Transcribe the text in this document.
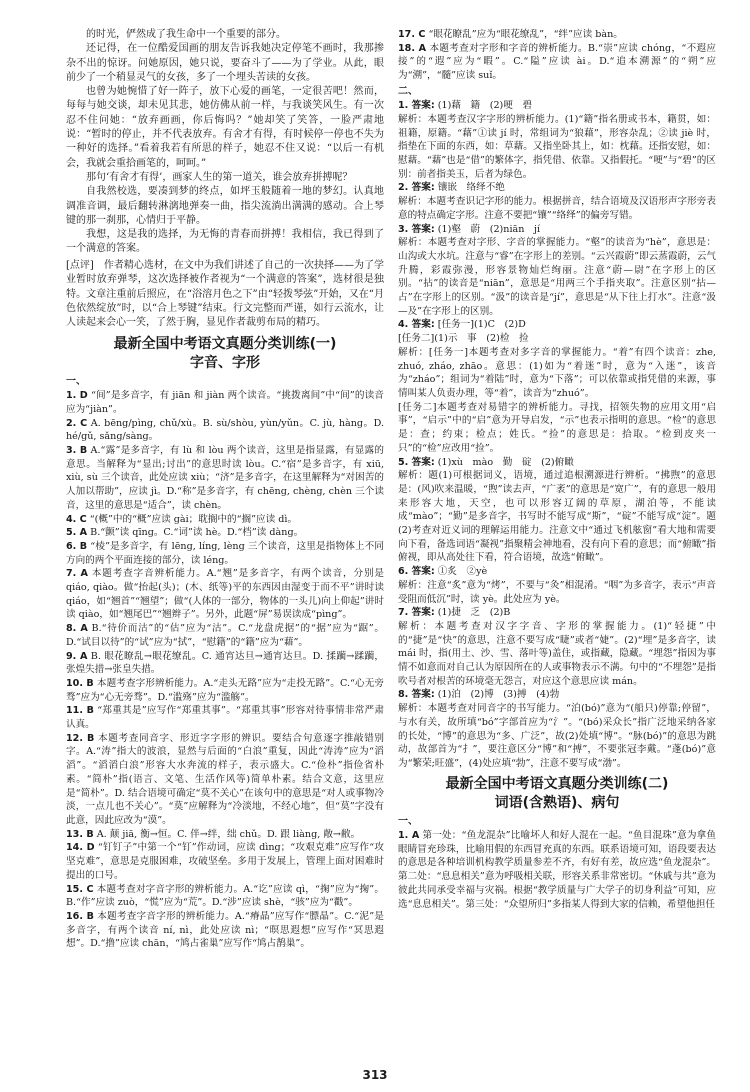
的时光，俨然成了我生命中一个重要的部分。

还记得，在一位酷爱国画的朋友告诉我她决定停笔不画时，我那掺杂不出的惊讶。问她原因，她只说，要奋斗了——为了学业。从此，眼前少了一个稍显灵气的女孩，多了一个埋头苦读的女孩。

也曾为她惋惜了好一阵子，放下心爱的画笔，一定很苦吧！然而，每每与她交谈，却未见其悲，她仿佛从前一样，与我谈笑风生。有一次忍不住问她：“放弃画画，你后悔吗？”她却笑了笑答，一脸严肃地说：“暂时的停止，并不代表放弃。有舍才有得，有时候停一停也不失为一种好的选择。”看着我若有所思的样子，她忍不住又说：“以后一有机会，我就会重拾画笔的，呵呵。”

那句‘有舍才有得’，画家人生的第一道关，谁会放弃拼搏呢？

自我然校选，要凑到梦的终点，如坪玉般随着一地的梦幻。认真地调准音调，最后翻转淋漓地弹奏一曲，指尖流淌出满满的感动。合上琴键的那一刹那，心情归于平静。

我想，这是我的选择，为无悔的青春而拼搏！我相信，我已得到了一个满意的答案。

[点评]　作者精心选材，在文中为我们讲述了自己的一次抉择——为了学业暂时放弃弹琴，这次选择被作者视为“一个满意的答案”，选材很是独特。文章注重前后照应，在“浴溶月色之下”由“轻拨琴弦”开始，又在“月色依然绽放”时，以“合上琴键”结束。行文完整而严谨，如行云流水，让人读起来会心一笑，了然于胸，显见作者裁剪布局的精巧。

最新全国中考语文真题分类训练(一)
字音、字形
一、

1. D “间”是多音字，有 jiān 和 jiàn 两个读音。“挑拨离间”中“间”的读音应为“jiàn”。

2. C A. bēng/pìng, chǔ/xù。B. sù/shòu, yùn/yǔn。C. jù, hàng。D. hé/gǔ, sǎng/sàng。

3. B A.“露”是多音字，有 lù 和 lòu 两个读音，这里是指显露，有显露的意思。当解释为“显出;讨出”的意思时读 lòu。C.“宿”是多音字，有 xiū, xiù, sù 三个读音，此处应读 xiù；“济”是多音字，在这里解释为“对困苦的人加以帮助”，应读 jì。D.“称”是多音字，有 chēng, chèng, chèn 三个读音，这里的意思是“适合”，读 chèn。

4. C “(概”中的“概”应读 gài；耽搁中的“搁”应读 dì。

5. A B.“颤”读 qīng。C.“词”读 hè。D.“档”读 dàng。

6. B “棱”是多音字，有 lēng, líng, lèng 三个读音，这里是指物体上不同方向的两个平面连接的部分，读 léng。

7. A 本题考查字音辨析能力。A.“翘”是多音字，有两个读音，分别是 qiáo, qiào。做“抬起(头)；(木、纸等)平的东西因由湿变于而不平”讲时读 qiáo，如“翘首”“翘望”；做“(人体的一部分，物体的一头儿)向上仰起”讲时读 qiào，如“翘尾巴”“翘辫子”。另外，此题“屏”易误读成“pìng”。

8. A B.“待价而沽”的“估”应为“沽”。C.“龙盘虎据”的“据”应为“踞”。D.“试目以待”的“试”应为“拭”，“慰籍”的“籍”应为“藉”。

9. A B. 眼花瞭乱→眼花缭乱。C. 通宵达旦→通宵达旦。D. 揉躏→蹂躏，张煌失措→张皇失措。

10. B 本题考查字形辨析能力。A.“走头无路”应为“走投无路”。C.“心无旁骛”应为“心无旁骛”。D.“滥殇”应为“滥觞”。

11. B “郑重其是”应写作“郑重其事”。“郑重其事”形容对待事情非常严肃认真。

12. B 本题考查同音字、形近字字形的辨识。要结合句意逐字推敲错别字。A.“涛”指大的波浪，显然与后面的“白浪”重复，因此“涛涛”应为“滔滔”。“滔滔白浪”形容大水奔流的样子，表示盛大。C.“俭朴”指俭省朴素。“简朴”指(语言、文笔、生活作风等)简单朴素。结合文意，这里应是“简朴”。D. 结合语境可确定“莫不关心”在该句中的意思是“对人或事物冷淡，一点儿也不关心”。“莫”应解释为“冷淡地，不经心地”，但“莫”字没有此意，因此应改为“漠”。

13. B A. 颠 jiā, 衡→恒。C. 伴→绊，绌 chǔ。D. 跟 liàng, 敞→敝。

14. D “钉钉子”中第一个“钉”作动词，应读 dìng；“攻艰克难”应写作“攻坚克难”，意思是克服困难，攻破坚垒。多用于发展上，管理上面对困难时提出的口号。

15. C 本题考查对字音字形的辨析能力。A.“讫”应读 qì，“掬”应为“掬”。B.“作”应读 zuò，“慌”应为“荒”。D.“涉”应读 shè，“骇”应为“戳”。

16. B 本题考查字音字形的辨析能力。A.“瘠晶”应写作“膘晶”。C.“泥”是多音字，有两个读音 ní, nì，此处应读 nì；“暝思遐想”应写作“冥思遐想”。D.“撸”应读 chān，“鸠占雀巢”应写作“鸠占鹊巢”。

17. C “眼花瞭乱”应为“眼花缭乱”，“绊”应读 bàn。

18. A 本题考查对字形和字音的辨析能力。B.“崇”应读 chóng，“不遐应接”的“遐”应为“暇”。C.“隘”应读 ài。D.“追本溯源”的“朔”应为“溯”，“髓”应读 suǐ。

二、

1. 答案: (1)藉　籍　(2)哽　碧

解析：本题考查汉字字形的辨析能力。(1)“籍”指名册或书本，籍贯，如：祖籍，原籍。“藉”①读 jí 时，常组词为“狼藉”，形容杂乱；②读 jiè 时，指垫在下面的东西，如：草藉。又指坐卧其上，如：枕藉。还指安慰，如：慰藉。“藉”也是“借”的繁体字，指凭借、依靠。又指假托。“哽”与“碧”的区别：前者指美玉，后者为绿色。

2. 答案: 镶嵌　络绎不绝

解析：本题考查识记字形的能力。根据拼音，结合语境及汉语形声字形旁表意的特点确定字形。注意不要把“镶”“络绎”的偏旁写错。

3. 答案: (1)壑　蔚　(2)niān　jí

解析：本题考查对字形、字音的掌握能力。“壑”的读音为“hè”，意思是：山沟或大水坑。注意与“睿”在字形上的差别。“云兴霞蔚”即云蒸霞蔚，云气升腾，彩霞弥漫，形容景物灿烂绚丽。注意“蔚—尉”在字形上的区别。“拈”的读音是“niān”，意思是“用两三个手指夹取”。注意区别“拈—占”在字形上的区别。“汲”的读音是“jí”，意思是“从下往上打水”。注意“汲—及”在字形上的区别。

4. 答案: [任务一](1)C　(2)D

[任务二](1)示　事　(2)检　捡

解析：[任务一]本题考查对多字音的掌握能力。“着”有四个读音：zhe, zhuó, zháo, zhāo。意思：(1)如为“着迷”时，意为“入迷”，该音为“zháo”；组词为“着陆”时，意为“下落”；可以依靠或指凭借的来源，事情叫某人负责办理，等“着”，读音为“zhuó”。

[任务二]本题考查对易错字的辨析能力。寻找，招领失物的应用文用“启事”，“启示”中的“启”意为开导启发，“示”也表示指明的意思。“检”的意思是：查；约束；检点；姓氏。“捡”的意思是：拾取。“检到皮夹一只”的“检”应改用“捡”。

5. 答案: (1)xù　mào　勤　碇　(2)俯瞰

解析：题(1)可根据词义，语境，通过追根溯源进行辨析。“拂煦”的意思是：(风)吹来温暖，“煦”读去声，“广袤”的意思是“宽广”，有的意思一般用来形容大地，天空，也可以形容辽阔的草原，湖泊等，不能读成“mào”；“勤”是多音字，书写时不能写成“斯”，“碇”不能写成“淀”。题(2)考查对近义词的理解运用能力。注意文中“通过飞机舷窗”看大地和需要向下看，备选词语“凝视”指聚精会神地看，没有向下看的意思；而“俯瞰”指俯视，即从高处往下看，符合语境，故选“俯瞰”。

6. 答案: ①炙　②yè

解析：注意“炙”意为“烤”，不要与“灸”相混淆。“咽”为多音字，表示“声音受阻而低沉”时，读 yè。此处应为 yè。

7. 答案: (1)捷　乏　(2)B

解析：本题考查对汉字字音、字形的掌握能力。(1)“轻捷”中的“捷”是“快”的意思，注意不要写成“睫”或者“婕”。(2)“埋”是多音字，读 mái 时，指(用土、沙、雪、落叶等)盖住，或指藏，隐藏。“埋怨”指因为事情不如意而对自己认为原因所在的人或事物表示不满。句中的“不埋怨”是指吹号者对根苦的环境毫无怨言，对应这个意思应读 mán。

8. 答案: (1)泊　(2)博　(3)搏　(4)勃

解析：本题考查对同音字的书写能力。“泊(bó)”意为“(船只)停靠;停留”，与水有关，故所填“bó”字部首应为“氵”。“(bó)采众长”指广泛地采纳各家的长处，“博”的意思为“多、广泛”，故(2)处填“博”。“脉(bó)”的意思为跳动，故部首为“扌”，要注意区分“博”和“搏”，不要张冠李戴。“蓬(bó)”意为“繁荣;旺盛”，(4)处应填“勃”，注意不要写成“渤”。

最新全国中考语文真题分类训练(二)
词语(含熟语)、病句
一、

1. A 第一处：“鱼龙混杂”比喻坏人和好人混在一起。“鱼目混珠”意为拿鱼眼睛冒充珍珠，比喻用假的东西冒充真的东西。联系语境可知，语段要表达的意思是各种培训机构教学质量参差不齐，有好有差，故应选“鱼龙混杂”。第二处：“息息相关”意为呼吸相关联，形容关系非常密切。“休戚与共”意为彼此共同承受幸福与灾祸。根据“教学质量与广大学子的切身利益”可知，应选“息息相关”。第三处：“众望所归”多指某人得到大家的信赖，希望他担任

313
